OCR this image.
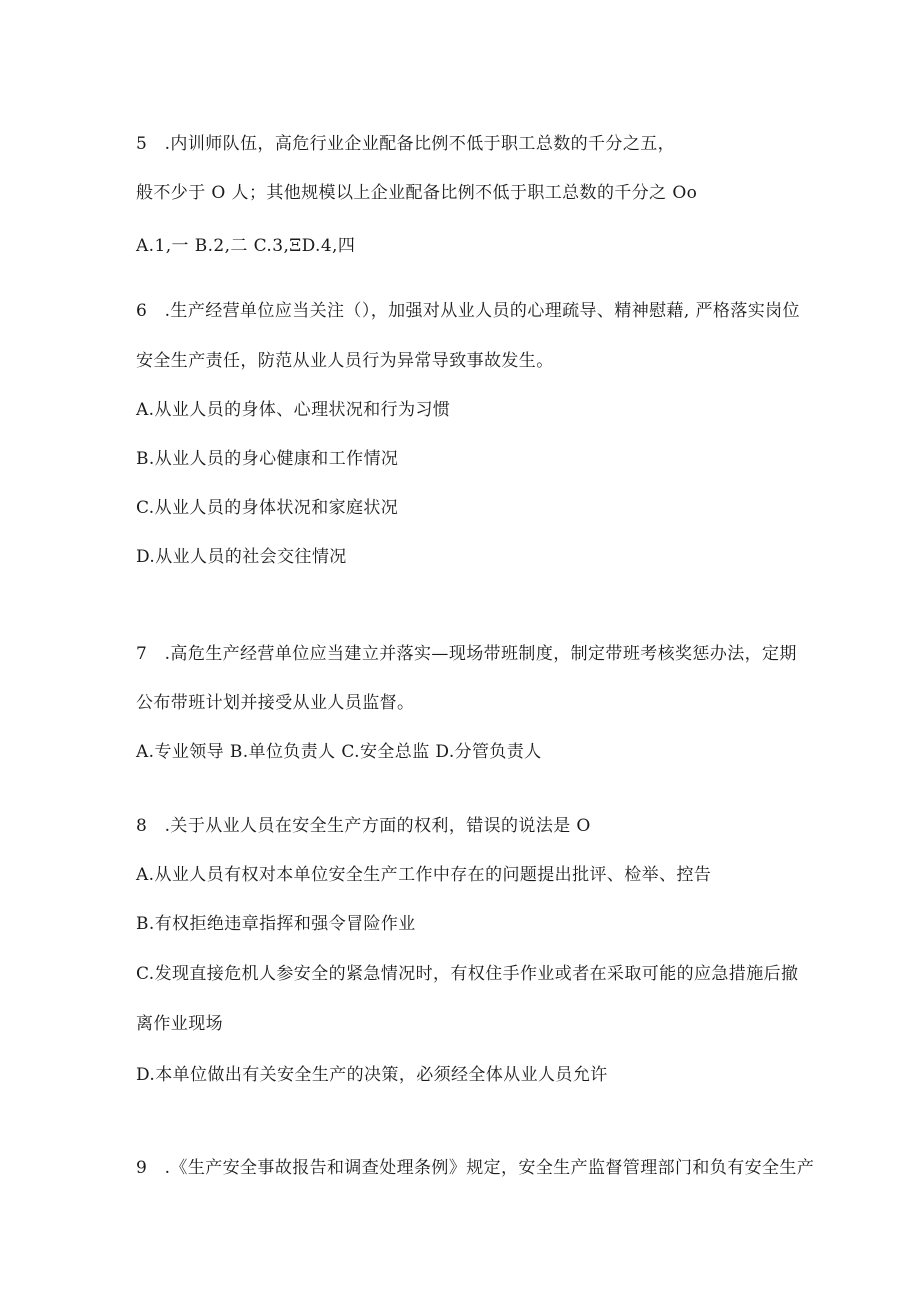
5　.内训师队伍，高危行业企业配备比例不低于职工总数的千分之五，
般不少于 O 人；其他规模以上企业配备比例不低于职工总数的千分之 Oo
A.1,一 B.2,二 C.3,ΞD.4,四
6　.生产经营单位应当关注（），加强对从业人员的心理疏导、精神慰藉, 严格落实岗位
安全生产责任，防范从业人员行为异常导致事故发生。
A.从业人员的身体、心理状况和行为习惯
B.从业人员的身心健康和工作情况
C.从业人员的身体状况和家庭状况
D.从业人员的社会交往情况
7　.高危生产经营单位应当建立并落实—现场带班制度，制定带班考核奖惩办法，定期
公布带班计划并接受从业人员监督。
A.专业领导 B.单位负责人 C.安全总监 D.分管负责人
8　.关于从业人员在安全生产方面的权利，错误的说法是 O
A.从业人员有权对本单位安全生产工作中存在的问题提出批评、检举、控告
B.有权拒绝违章指挥和强令冒险作业
C.发现直接危机人参安全的紧急情况时，有权住手作业或者在采取可能的应急措施后撤
离作业现场
D.本单位做出有关安全生产的决策，必须经全体从业人员允许
9　.《生产安全事故报告和调查处理条例》规定，安全生产监督管理部门和负有安全生产
